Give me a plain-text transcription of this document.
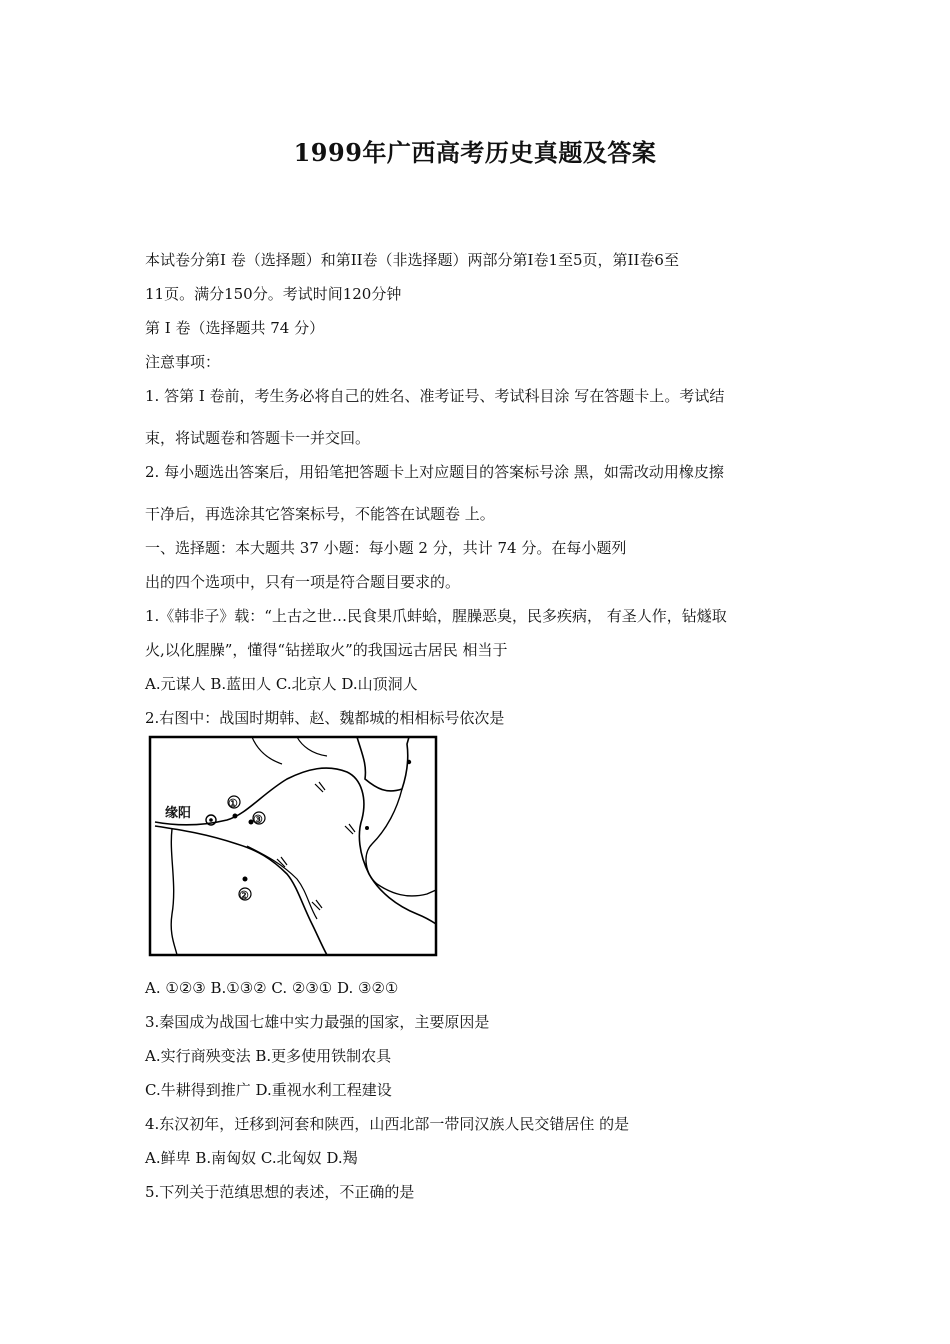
1999年广西高考历史真题及答案

本试卷分第Ⅰ 卷（选择题）和第II卷（非选择题）两部分第Ⅰ卷1至5页，第II卷6至

11页。满分150分。考试时间120分钟

第 Ⅰ 卷（选择题共 74 分）

注意事项：

1. 答第 Ⅰ 卷前，考生务必将自己的姓名、准考证号、考试科目涂 写在答题卡上。考试结

束，将试题卷和答题卡一并交回。

2. 每小题选出答案后，用铅笔把答题卡上对应题目的答案标号涂 黑，如需改动用橡皮擦

干净后，再选涂其它答案标号，不能答在试题卷 上。

一、选择题：本大题共 37 小题：每小题 2 分，共计 74 分。在每小题列

出的四个选项中，只有一项是符合题目要求的。

1.《韩非子》载：“上古之世…民食果爪蚌蛤，腥臊恶臭，民多疾病， 有圣人作，钻燧取

火,以化腥臊”，懂得“钻搓取火”的我国远古居民 相当于

A.元谋人 B.蓝田人 C.北京人 D.山顶洞人

2.右图中：战国时期韩、赵、魏都城的相相标号依次是

缘阳
①
③
②

A. ①②③ B.①③② C. ②③① D. ③②①

3.秦国成为战国七雄中实力最强的国家，主要原因是

A.实行商殃变法 B.更多使用铁制农具

C.牛耕得到推广 D.重视水利工程建设

4.东汉初年，迁移到河套和陕西，山西北部一带同汉族人民交错居住 的是

A.鲜卑 B.南匈奴 C.北匈奴 D.羯

5.下列关于范缜思想的表述，不正确的是
